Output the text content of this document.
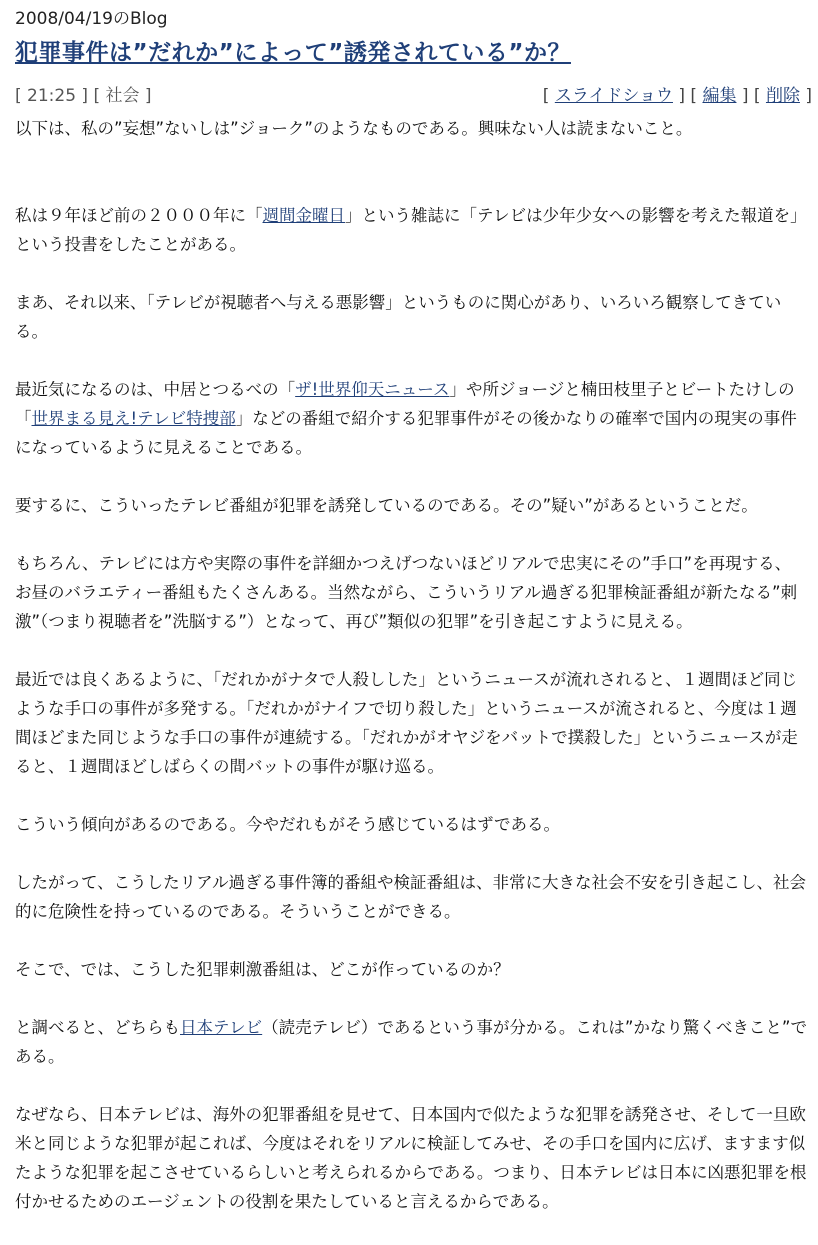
2008/04/19のBlog
犯罪事件は”だれか”によって”誘発されている”か？
[ 21:25 ] [ 社会 ]	[ スライドショウ ] [ 編集 ] [ 削除 ]

以下は、私の”妄想”ないしは”ジョーク”のようなものである。興味ない人は読まないこと。

私は９年ほど前の２０００年に「週間金曜日」という雑誌に「テレビは少年少女への影響を考えた報道を」という投書をしたことがある。

まあ、それ以来、「テレビが視聴者へ与える悪影響」というものに関心があり、いろいろ観察してきている。

最近気になるのは、中居とつるべの「ザ!世界仰天ニュース」や所ジョージと楠田枝里子とビートたけしの「世界まる見え!テレビ特捜部」などの番組で紹介する犯罪事件がその後かなりの確率で国内の現実の事件になっているように見えることである。

要するに、こういったテレビ番組が犯罪を誘発しているのである。その”疑い”があるということだ。

もちろん、テレビには方や実際の事件を詳細かつえげつないほどリアルで忠実にその”手口”を再現する、お昼のバラエティー番組もたくさんある。当然ながら、こういうリアル過ぎる犯罪検証番組が新たなる”刺激”（つまり視聴者を”洗脳する”）となって、再び”類似の犯罪”を引き起こすように見える。

最近では良くあるように、「だれかがナタで人殺しした」というニュースが流れされると、１週間ほど同じような手口の事件が多発する。「だれかがナイフで切り殺した」というニュースが流されると、今度は１週間ほどまた同じような手口の事件が連続する。「だれかがオヤジをバットで撲殺した」というニュースが走ると、１週間ほどしばらくの間バットの事件が駆け巡る。

こういう傾向があるのである。今やだれもがそう感じているはずである。

したがって、こうしたリアル過ぎる事件簿的番組や検証番組は、非常に大きな社会不安を引き起こし、社会的に危険性を持っているのである。そういうことができる。

そこで、では、こうした犯罪刺激番組は、どこが作っているのか？

と調べると、どちらも日本テレビ（読売テレビ）であるという事が分かる。これは”かなり驚くべきこと”である。

なぜなら、日本テレビは、海外の犯罪番組を見せて、日本国内で似たような犯罪を誘発させ、そして一旦欧米と同じような犯罪が起これば、今度はそれをリアルに検証してみせ、その手口を国内に広げ、ますます似たような犯罪を起こさせているらしいと考えられるからである。つまり、日本テレビは日本に凶悪犯罪を根付かせるためのエージェントの役割を果たしていると言えるからである。
